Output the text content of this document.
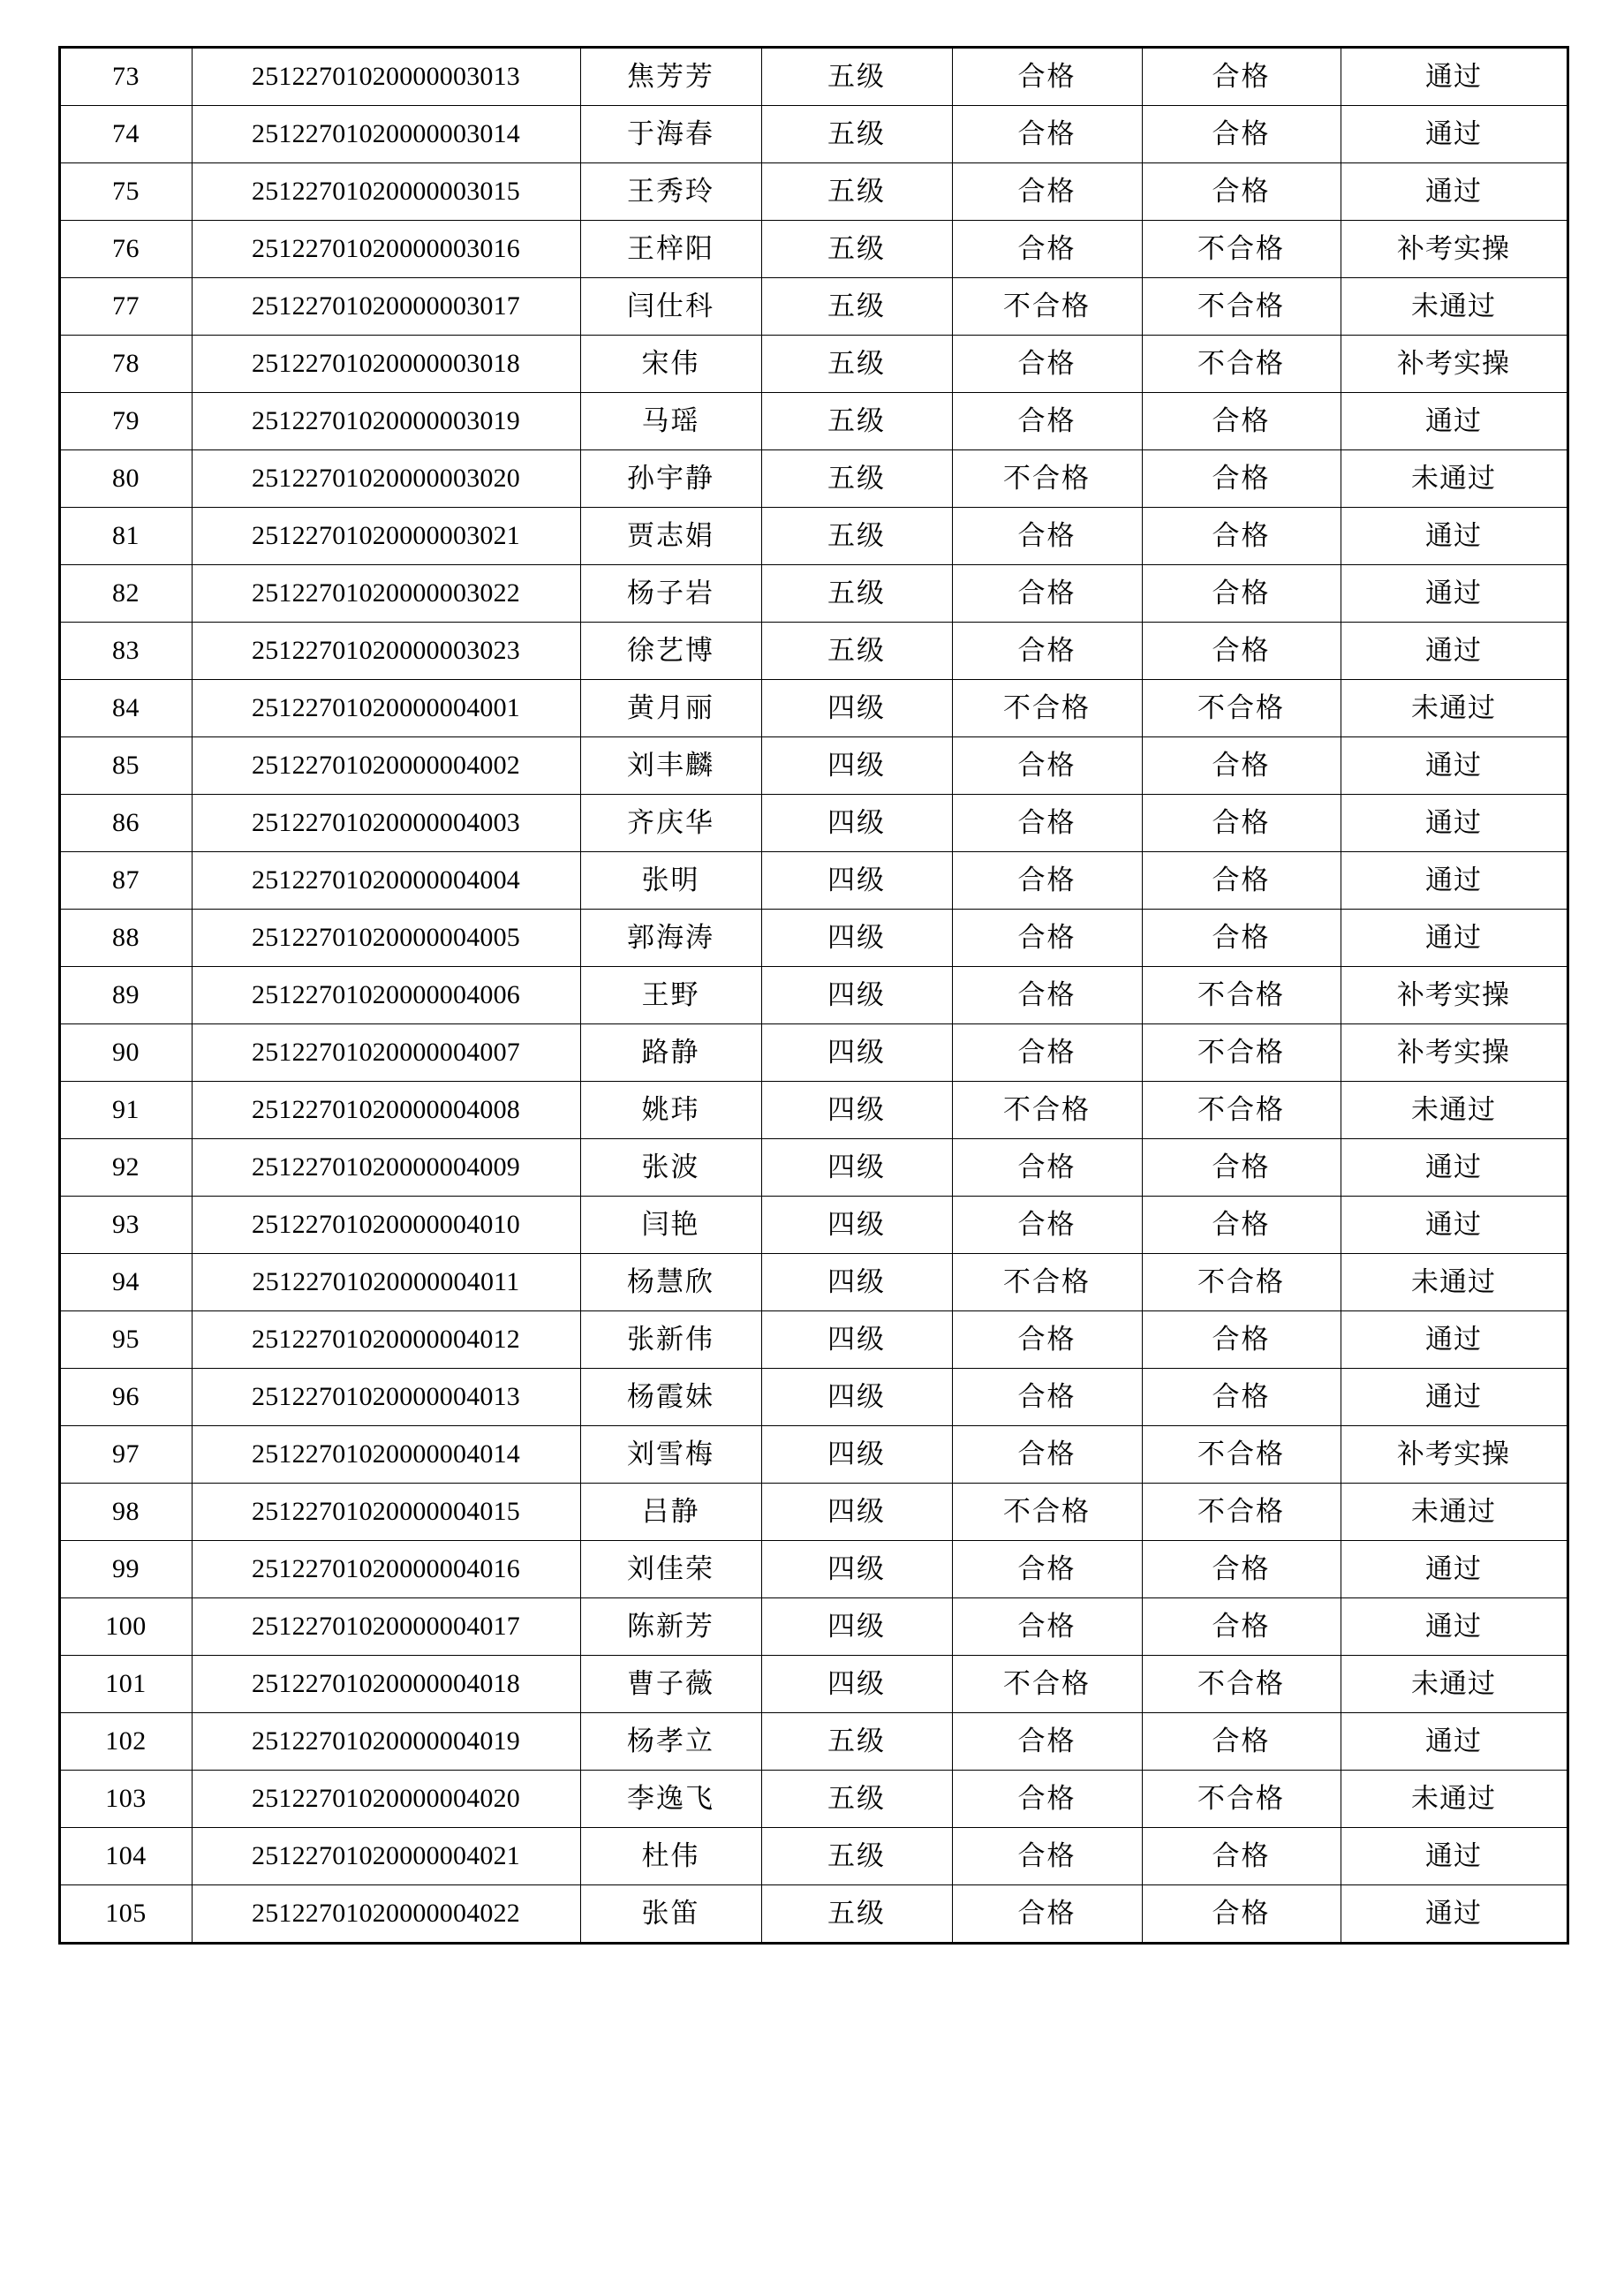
73	25122701020000003013	焦芳芳	五级	合格	合格	通过
74	25122701020000003014	于海春	五级	合格	合格	通过
75	25122701020000003015	王秀玲	五级	合格	合格	通过
76	25122701020000003016	王梓阳	五级	合格	不合格	补考实操
77	25122701020000003017	闫仕科	五级	不合格	不合格	未通过
78	25122701020000003018	宋伟	五级	合格	不合格	补考实操
79	25122701020000003019	马瑶	五级	合格	合格	通过
80	25122701020000003020	孙宇静	五级	不合格	合格	未通过
81	25122701020000003021	贾志娟	五级	合格	合格	通过
82	25122701020000003022	杨子岩	五级	合格	合格	通过
83	25122701020000003023	徐艺博	五级	合格	合格	通过
84	25122701020000004001	黄月丽	四级	不合格	不合格	未通过
85	25122701020000004002	刘丰麟	四级	合格	合格	通过
86	25122701020000004003	齐庆华	四级	合格	合格	通过
87	25122701020000004004	张明	四级	合格	合格	通过
88	25122701020000004005	郭海涛	四级	合格	合格	通过
89	25122701020000004006	王野	四级	合格	不合格	补考实操
90	25122701020000004007	路静	四级	合格	不合格	补考实操
91	25122701020000004008	姚玮	四级	不合格	不合格	未通过
92	25122701020000004009	张波	四级	合格	合格	通过
93	25122701020000004010	闫艳	四级	合格	合格	通过
94	25122701020000004011	杨慧欣	四级	不合格	不合格	未通过
95	25122701020000004012	张新伟	四级	合格	合格	通过
96	25122701020000004013	杨霞妹	四级	合格	合格	通过
97	25122701020000004014	刘雪梅	四级	合格	不合格	补考实操
98	25122701020000004015	吕静	四级	不合格	不合格	未通过
99	25122701020000004016	刘佳荣	四级	合格	合格	通过
100	25122701020000004017	陈新芳	四级	合格	合格	通过
101	25122701020000004018	曹子薇	四级	不合格	不合格	未通过
102	25122701020000004019	杨孝立	五级	合格	合格	通过
103	25122701020000004020	李逸飞	五级	合格	不合格	未通过
104	25122701020000004021	杜伟	五级	合格	合格	通过
105	25122701020000004022	张笛	五级	合格	合格	通过
